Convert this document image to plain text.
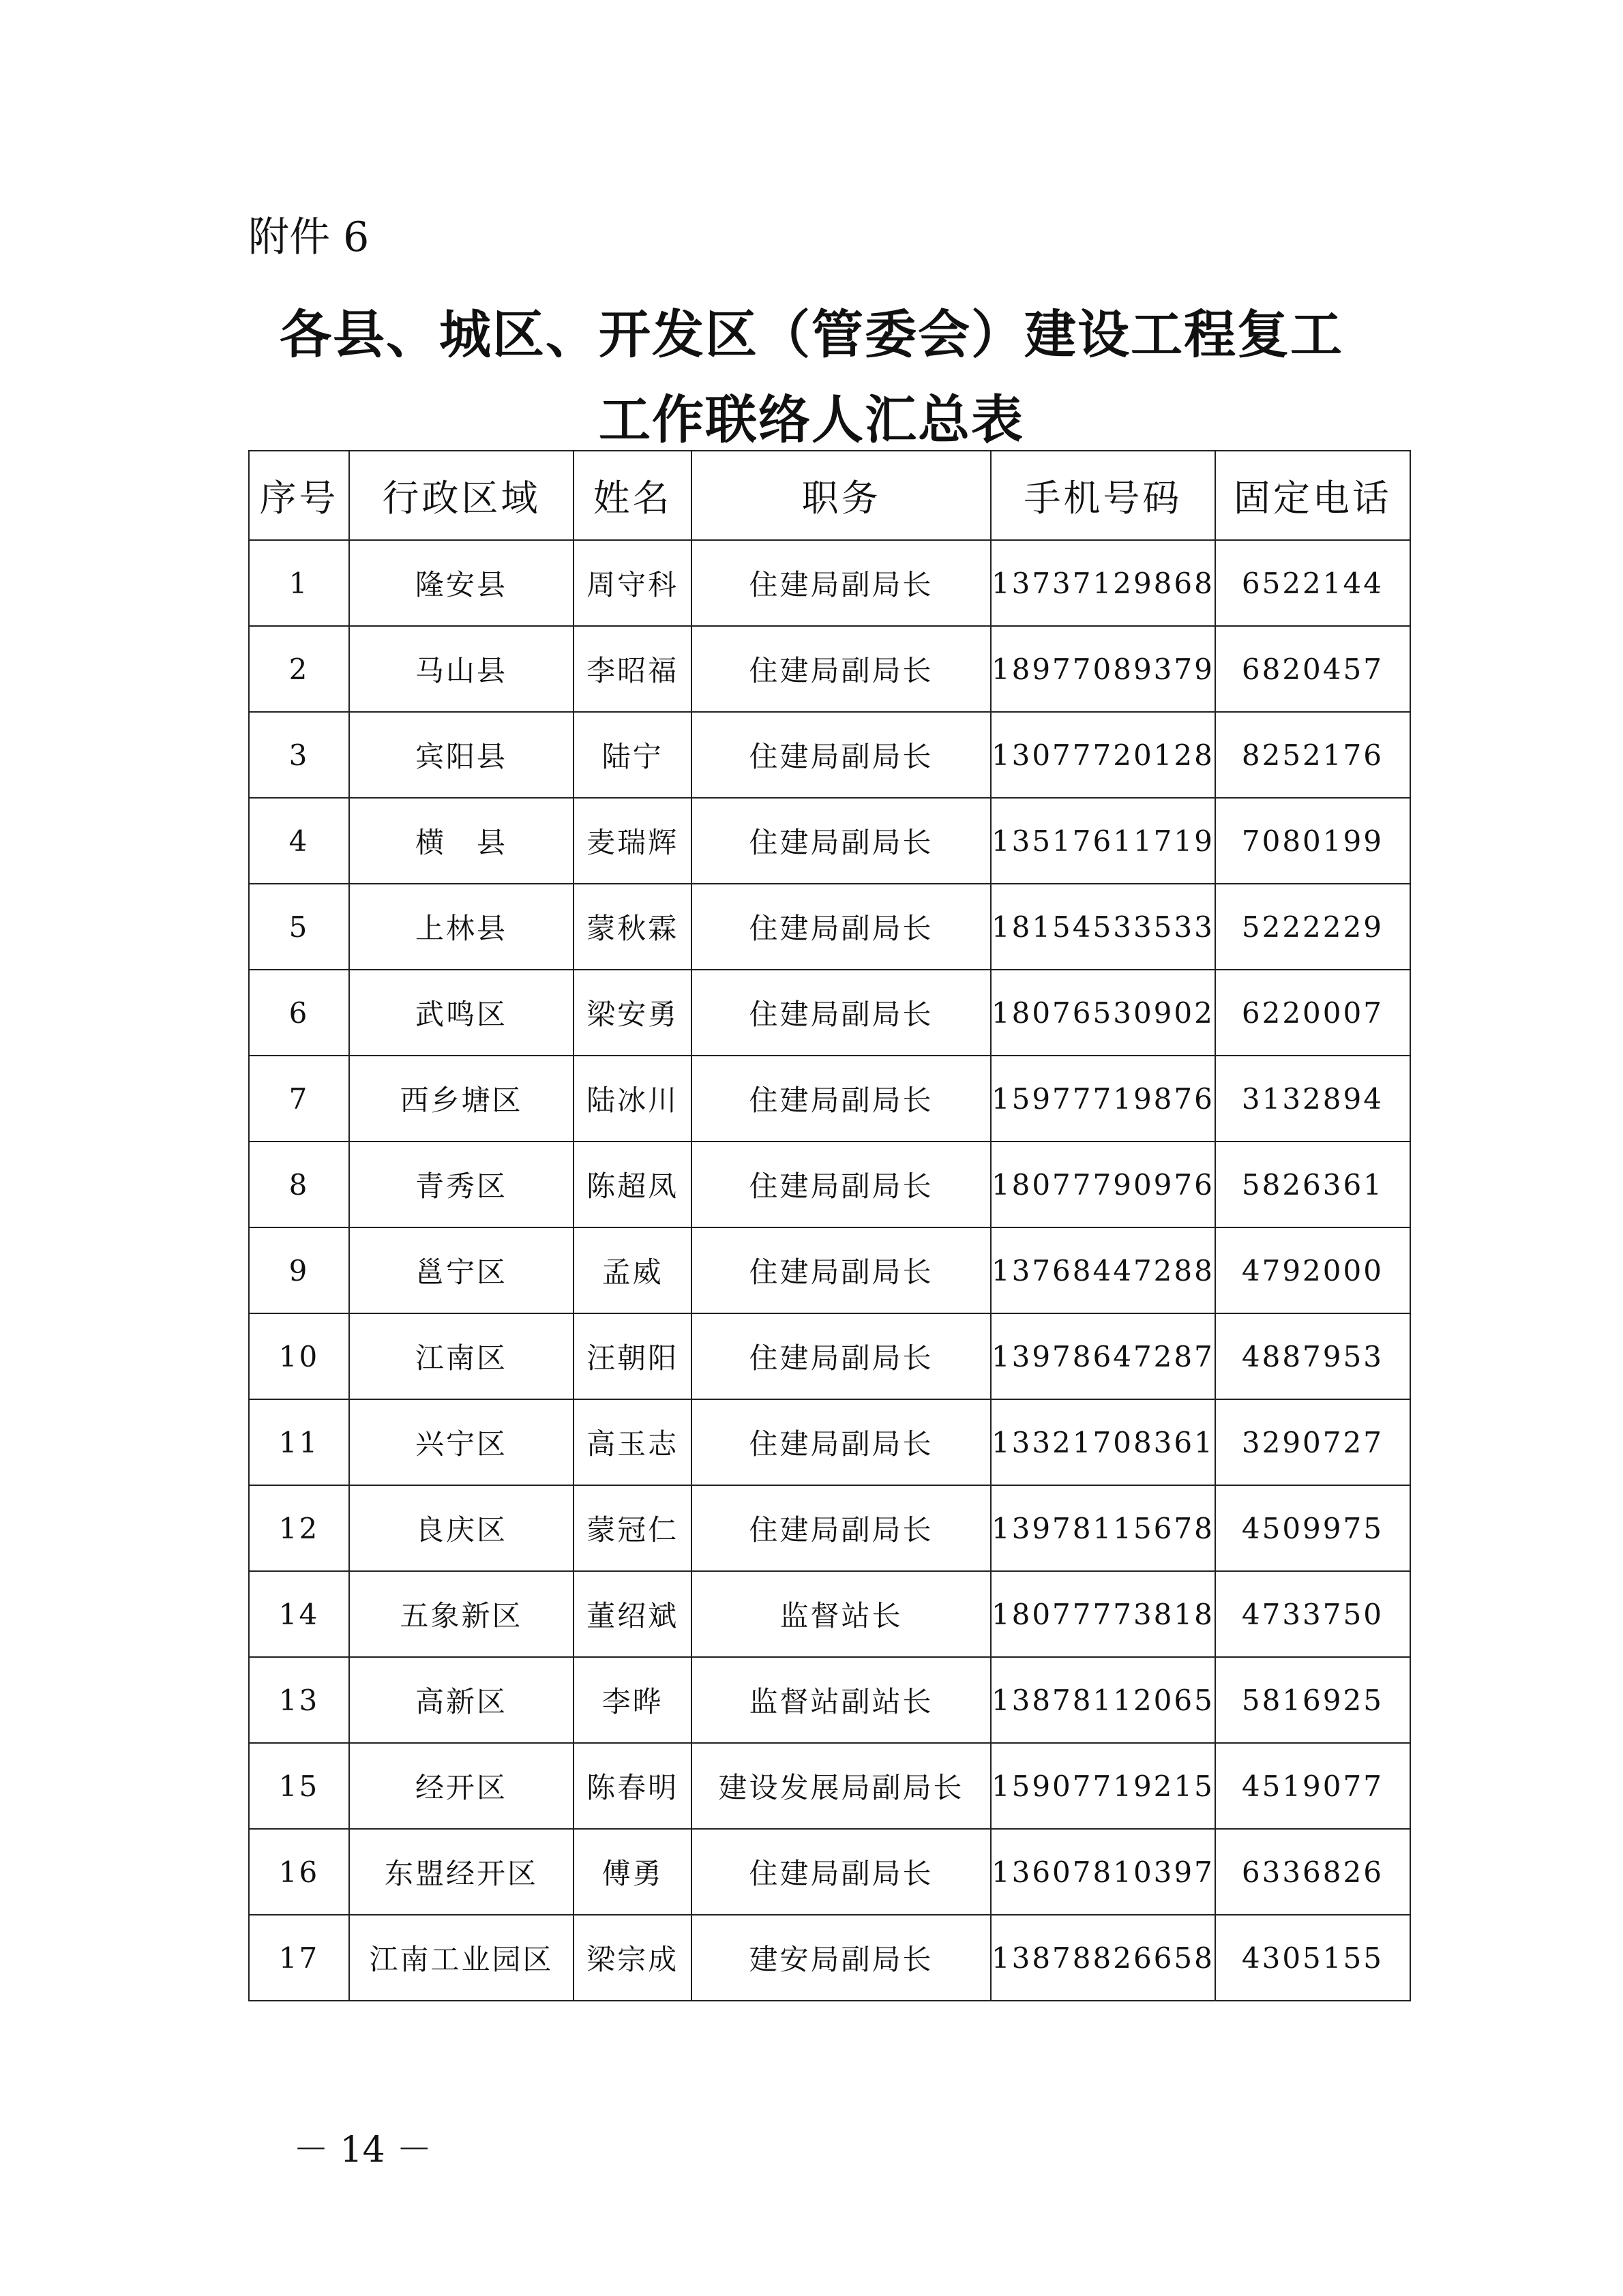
附件 6
各县、城区、开发区（管委会）建设工程复工
工作联络人汇总表
序号	行政区域	姓名	职务	手机号码	固定电话
1	隆安县	周守科	住建局副局长	13737129868	6522144
2	马山县	李昭福	住建局副局长	18977089379	6820457
3	宾阳县	陆宁	住建局副局长	13077720128	8252176
4	横　县	麦瑞辉	住建局副局长	13517611719	7080199
5	上林县	蒙秋霖	住建局副局长	18154533533	5222229
6	武鸣区	梁安勇	住建局副局长	18076530902	6220007
7	西乡塘区	陆冰川	住建局副局长	15977719876	3132894
8	青秀区	陈超凤	住建局副局长	18077790976	5826361
9	邕宁区	孟威	住建局副局长	13768447288	4792000
10	江南区	汪朝阳	住建局副局长	13978647287	4887953
11	兴宁区	高玉志	住建局副局长	13321708361	3290727
12	良庆区	蒙冠仁	住建局副局长	13978115678	4509975
14	五象新区	董绍斌	监督站长	18077773818	4733750
13	高新区	李晔	监督站副站长	13878112065	5816925
15	经开区	陈春明	建设发展局副局长	15907719215	4519077
16	东盟经开区	傅勇	住建局副局长	13607810397	6336826
17	江南工业园区	梁宗成	建安局副局长	13878826658	4305155
－ 14 －
